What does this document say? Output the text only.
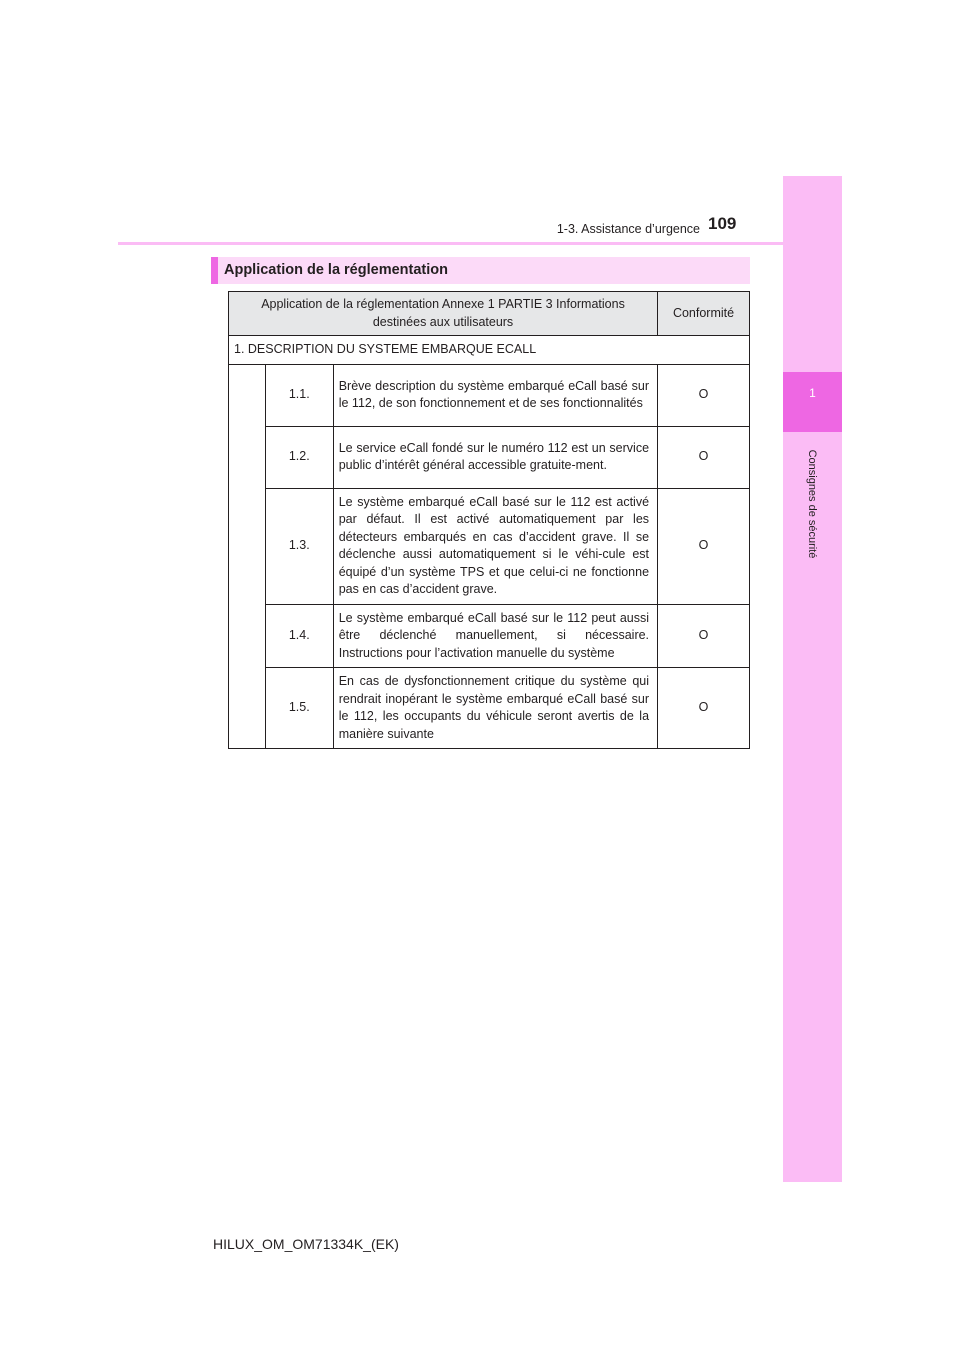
1
Consignes de sécurité
1-3. Assistance d’urgence 109
Application de la réglementation
Application de la réglementation Annexe 1 PARTIE 3 Informations destinées aux utilisateurs			Conformité
1. DESCRIPTION DU SYSTEME EMBARQUE ECALL			
	1.1.	Brève description du système embarqué eCall basé sur le 112, de son fonctionnement et de ses fonctionnalités	O
	1.2.	Le service eCall fondé sur le numéro 112 est un service public d’intérêt général accessible gratuite-ment.	O
	1.3.	Le système embarqué eCall basé sur le 112 est activé par défaut. Il est activé automatiquement par les détecteurs embarqués en cas d’accident grave. Il se déclenche aussi automatiquement si le véhi-cule est équipé d’un système TPS et que celui-ci ne fonctionne pas en cas d’accident grave.	O
	1.4.	Le système embarqué eCall basé sur le 112 peut aussi être déclenché manuellement, si nécessaire. Instructions pour l’activation manuelle du système	O
	1.5.	En cas de dysfonctionnement critique du système qui rendrait inopérant le système embarqué eCall basé sur le 112, les occupants du véhicule seront avertis de la manière suivante	O
HILUX_OM_OM71334K_(EK)
